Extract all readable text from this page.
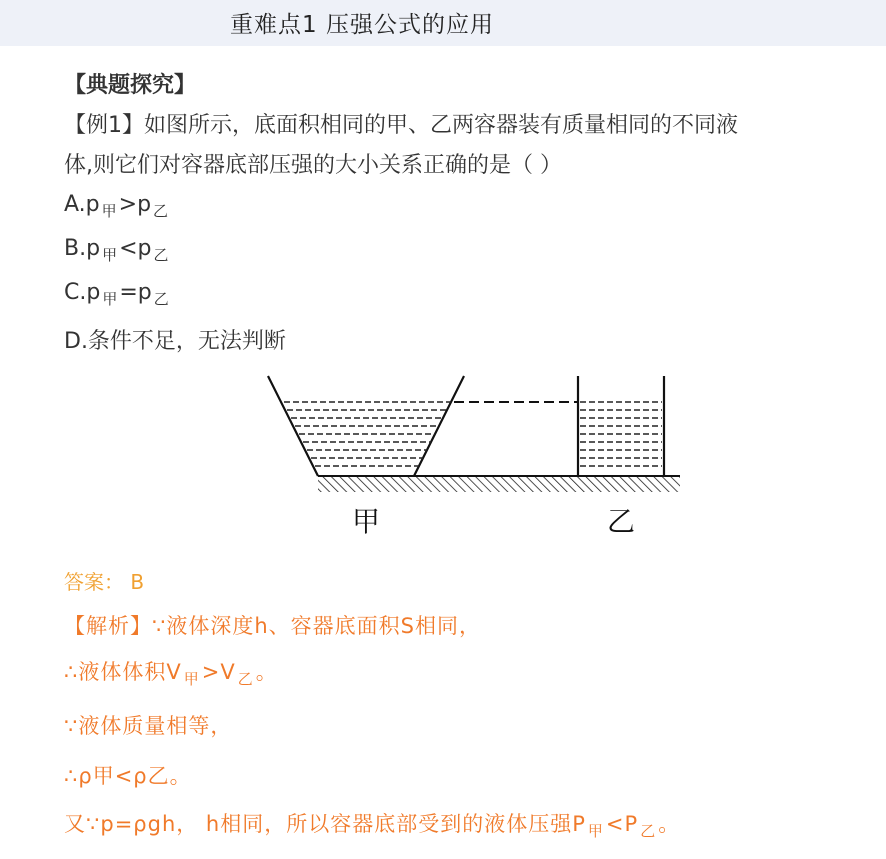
重难点1 压强公式的应用
【典题探究】
【例1】如图所示，底面积相同的甲、乙两容器装有质量相同的不同液
体,则它们对容器底部压强的大小关系正确的是（ ）
A.p $_甲$>p $_乙$
B.p $_甲$<p $_乙$
C.p $_甲$=p $_乙$
D.条件不足，无法判断
甲	乙
答案： B
【解析】∵液体深度h、容器底面积S相同，
∴液体体积V $_甲$>V $_乙$。
∵液体质量相等，
∴ρ甲<ρ乙。
又∵p=ρgh， h相同，所以容器底部受到的液体压强P $_甲$<P $_乙$。
